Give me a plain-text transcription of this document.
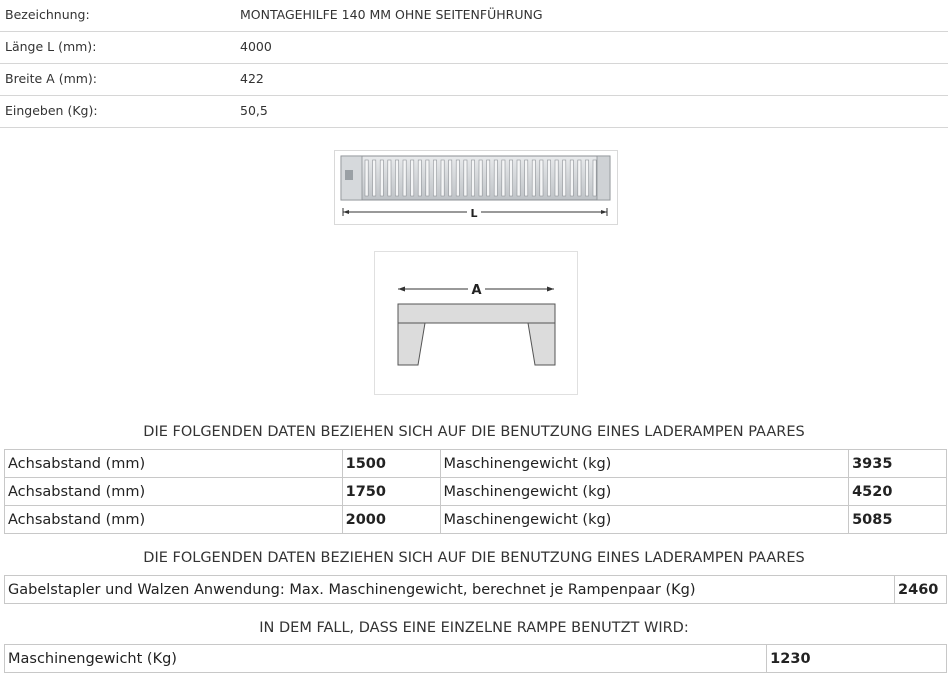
Bezeichnung:	MONTAGEHILFE 140 MM OHNE SEITENFÜHRUNG
Länge L (mm):	4000
Breite A (mm):	422
Eingeben (Kg):	50,5
L
A
DIE FOLGENDEN DATEN BEZIEHEN SICH AUF DIE BENUTZUNG EINES LADERAMPEN PAARES
Achsabstand (mm)	1500	Maschinengewicht (kg)	3935
Achsabstand (mm)	1750	Maschinengewicht (kg)	4520
Achsabstand (mm)	2000	Maschinengewicht (kg)	5085
DIE FOLGENDEN DATEN BEZIEHEN SICH AUF DIE BENUTZUNG EINES LADERAMPEN PAARES
Gabelstapler und Walzen Anwendung: Max. Maschinengewicht, berechnet je Rampenpaar (Kg)	2460
IN DEM FALL, DASS EINE EINZELNE RAMPE BENUTZT WIRD:
Maschinengewicht (Kg)	1230
